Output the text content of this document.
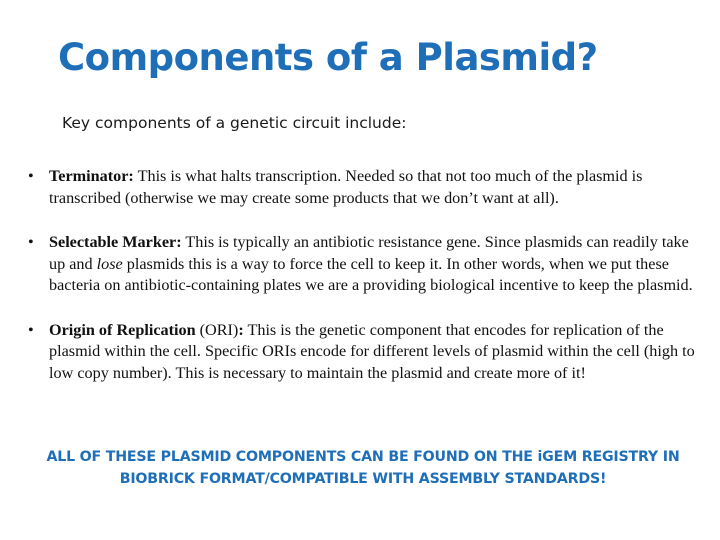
Components of a Plasmid?
Key components of a genetic circuit include:
• Terminator: This is what halts transcription. Needed so that not too much of the plasmid is transcribed (otherwise we may create some products that we don’t want at all).
• Selectable Marker: This is typically an antibiotic resistance gene. Since plasmids can readily take up and lose plasmids this is a way to force the cell to keep it. In other words, when we put these bacteria on antibiotic-containing plates we are a providing biological incentive to keep the plasmid.
• Origin of Replication (ORI): This is the genetic component that encodes for replication of the plasmid within the cell. Specific ORIs encode for different levels of plasmid within the cell (high to low copy number). This is necessary to maintain the plasmid and create more of it!
ALL OF THESE PLASMID COMPONENTS CAN BE FOUND ON THE iGEM REGISTRY IN
BIOBRICK FORMAT/COMPATIBLE WITH ASSEMBLY STANDARDS!
